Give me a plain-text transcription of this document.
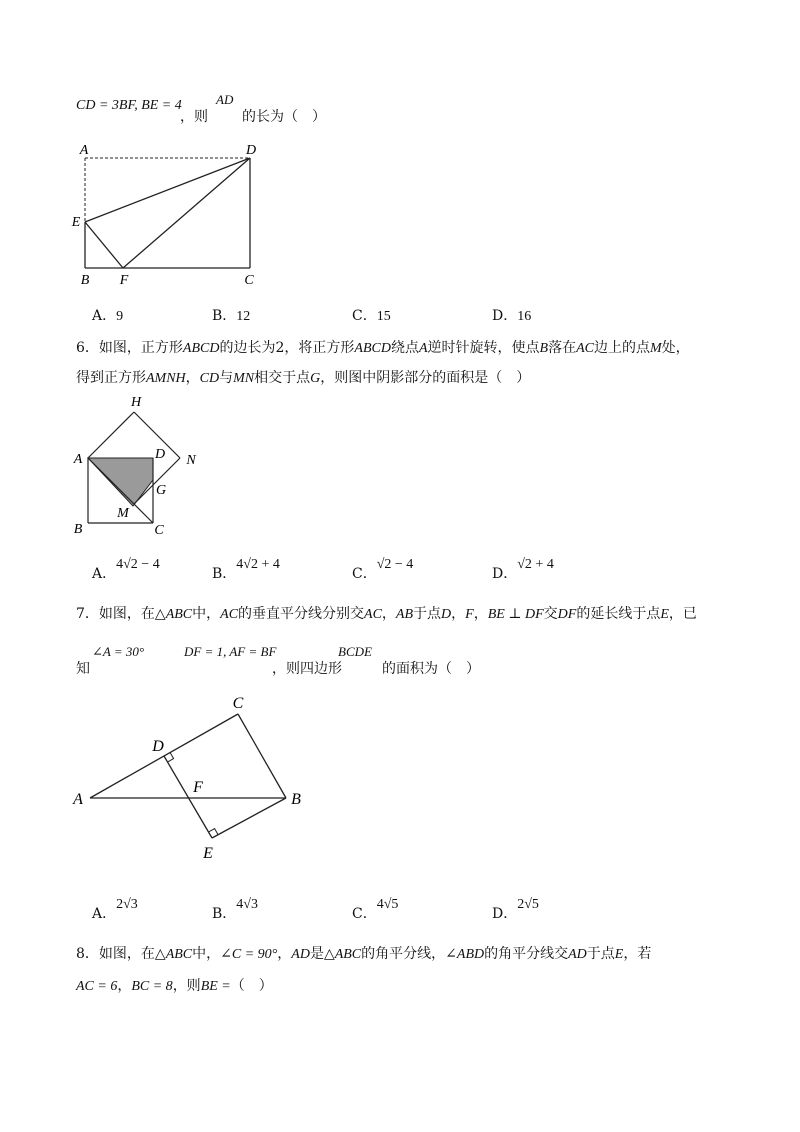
CD = 3BF, BE = 4
，则
AD
的长为（　）
A	D
E
B F	C
A．9	B．12	C．15	D．16
6．如图，正方形ABCD的边长为2，将正方形ABCD绕点A逆时针旋转，使点B落在AC边上的点M处，
得到正方形AMNH，CD与MN相交于点G，则图中阴影部分的面积是（　）
H
A	D N
G
M
B	C
A．4√2 − 4
B．4√2 + 4
C．√2 − 4
D．√2 + 4
7．如图，在△ABC中，AC的垂直平分线分别交AC，AB于点D，F，BE ⊥ DF交DF的延长线于点E，已
知
∠A = 30°	DF = 1, AF = BF
，则四边形
BCDE
的面积为（　）
C
D
F
A	B
E
A．2√3
B．4√3
C．4√5
D．2√5
8．如图，在△ABC中，∠C = 90°，AD是△ABC的角平分线，∠ABD的角平分线交AD于点E，若
AC = 6，BC = 8，则BE =（　）
